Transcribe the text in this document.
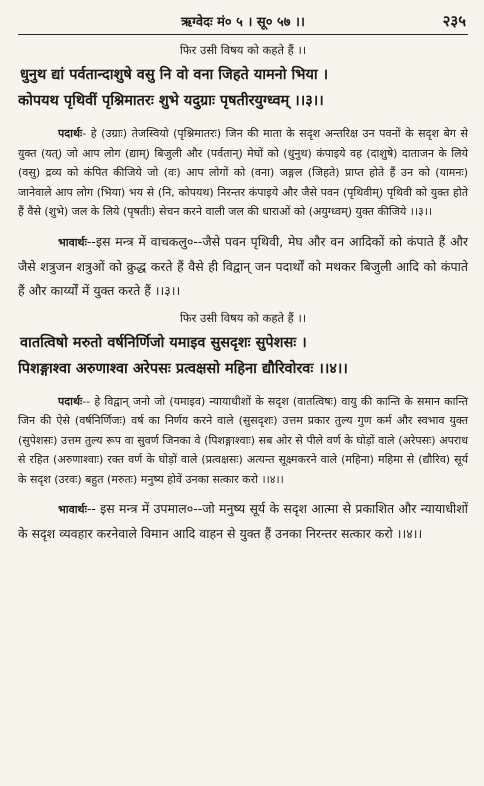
ऋग्वेदः मं० ५ । सू० ५७ ।।	२३५
फिर उसी विषय को कहते हैं ।।

धुनुथ द्यां पर्वतान्दाशुषे वसु नि वो वना जिहते यामनो भिया ।

कोपयथ पृथिवीं पृश्निमातरः शुभे यदुग्राः पृषतीरयुग्ध्वम् ।।३।।

पदार्थः- हे (उग्राः) तेजस्वियो (पृश्निमातरः) जिन की माता के सदृश अन्तरिक्ष उन पवनों के सदृश बेग से युक्त (यत्) जो आप लोग (द्याम्) बिजुली और (पर्वतान्) मेघों को (धुनुथ) कंपाइये वह (दाशुषे) दाताजन के लिये (वसु) द्रव्य को कंपित कीजिये जो (वः) आप लोगों को (वना) जङ्गल (जिहते) प्राप्त होते हैं उन को (यामनः) जानेवाले आप लोग (भिया) भय से (नि, कोपयथ) निरन्तर कंपाइये और जैसे पवन (पृथिवीम्) पृथिवी को युक्त होते हैं वैसे (शुभे) जल के लिये (पृषतीः) सेचन करने वाली जल की धाराओं को (अयुग्ध्वम्) युक्त कीजिये ।।३।।
भावार्थः--इस मन्त्र में वाचकलु०--जैसे पवन पृथिवी, मेघ और वन आदिकों को कंपाते हैं और जैसे शत्रुजन शत्रुओं को क्रुद्ध करते हैं वैसे ही विद्वान् जन पदार्थों को मथकर बिजुली आदि को कंपाते हैं और कार्य्यों में युक्त करते हैं ।।३।।
फिर उसी विषय को कहते हैं ।।

वातत्विषो मरुतो वर्षनिर्णिजो यमाइव सुसदृशः सुपेशसः ।

पिशङ्गाश्वा अरुणाश्वा अरेपसः प्रत्वक्षसो महिना द्यौरिवोरवः ।।४।।

पदार्थः-- हे विद्वान् जनो जो (यमाइव) न्यायाधीशों के सदृश (वातत्विषः) वायु की कान्ति के समान कान्ति जिन की ऐसे (वर्षनिर्णिजः) वर्ष का निर्णय करने वाले (सुसदृशः) उत्तम प्रकार तुल्य गुण कर्म और स्वभाव युक्त (सुपेशसः) उत्तम तुल्य रूप वा सुवर्ण जिनका वे (पिशङ्गाश्वाः) सब ओर से पीले वर्ण के घोड़ों वाले (अरेपसः) अपराध से रहित (अरुणाश्वाः) रक्त वर्ण के घोड़ों वाले (प्रत्वक्षसः) अत्यन्त सूक्ष्मकरने वाले (महिना) महिमा से (द्यौरिव) सूर्य के सदृश (उरवः) बहुत (मरुतः) मनुष्य होवें उनका सत्कार करो ।।४।।
भावार्थः-- इस मन्त्र में उपमाल०--जो मनुष्य सूर्य के सदृश आत्मा से प्रकाशित और न्यायाधीशों के सदृश व्यवहार करनेवाले विमान आदि वाहन से युक्त हैं उनका निरन्तर सत्कार करो ।।४।।
